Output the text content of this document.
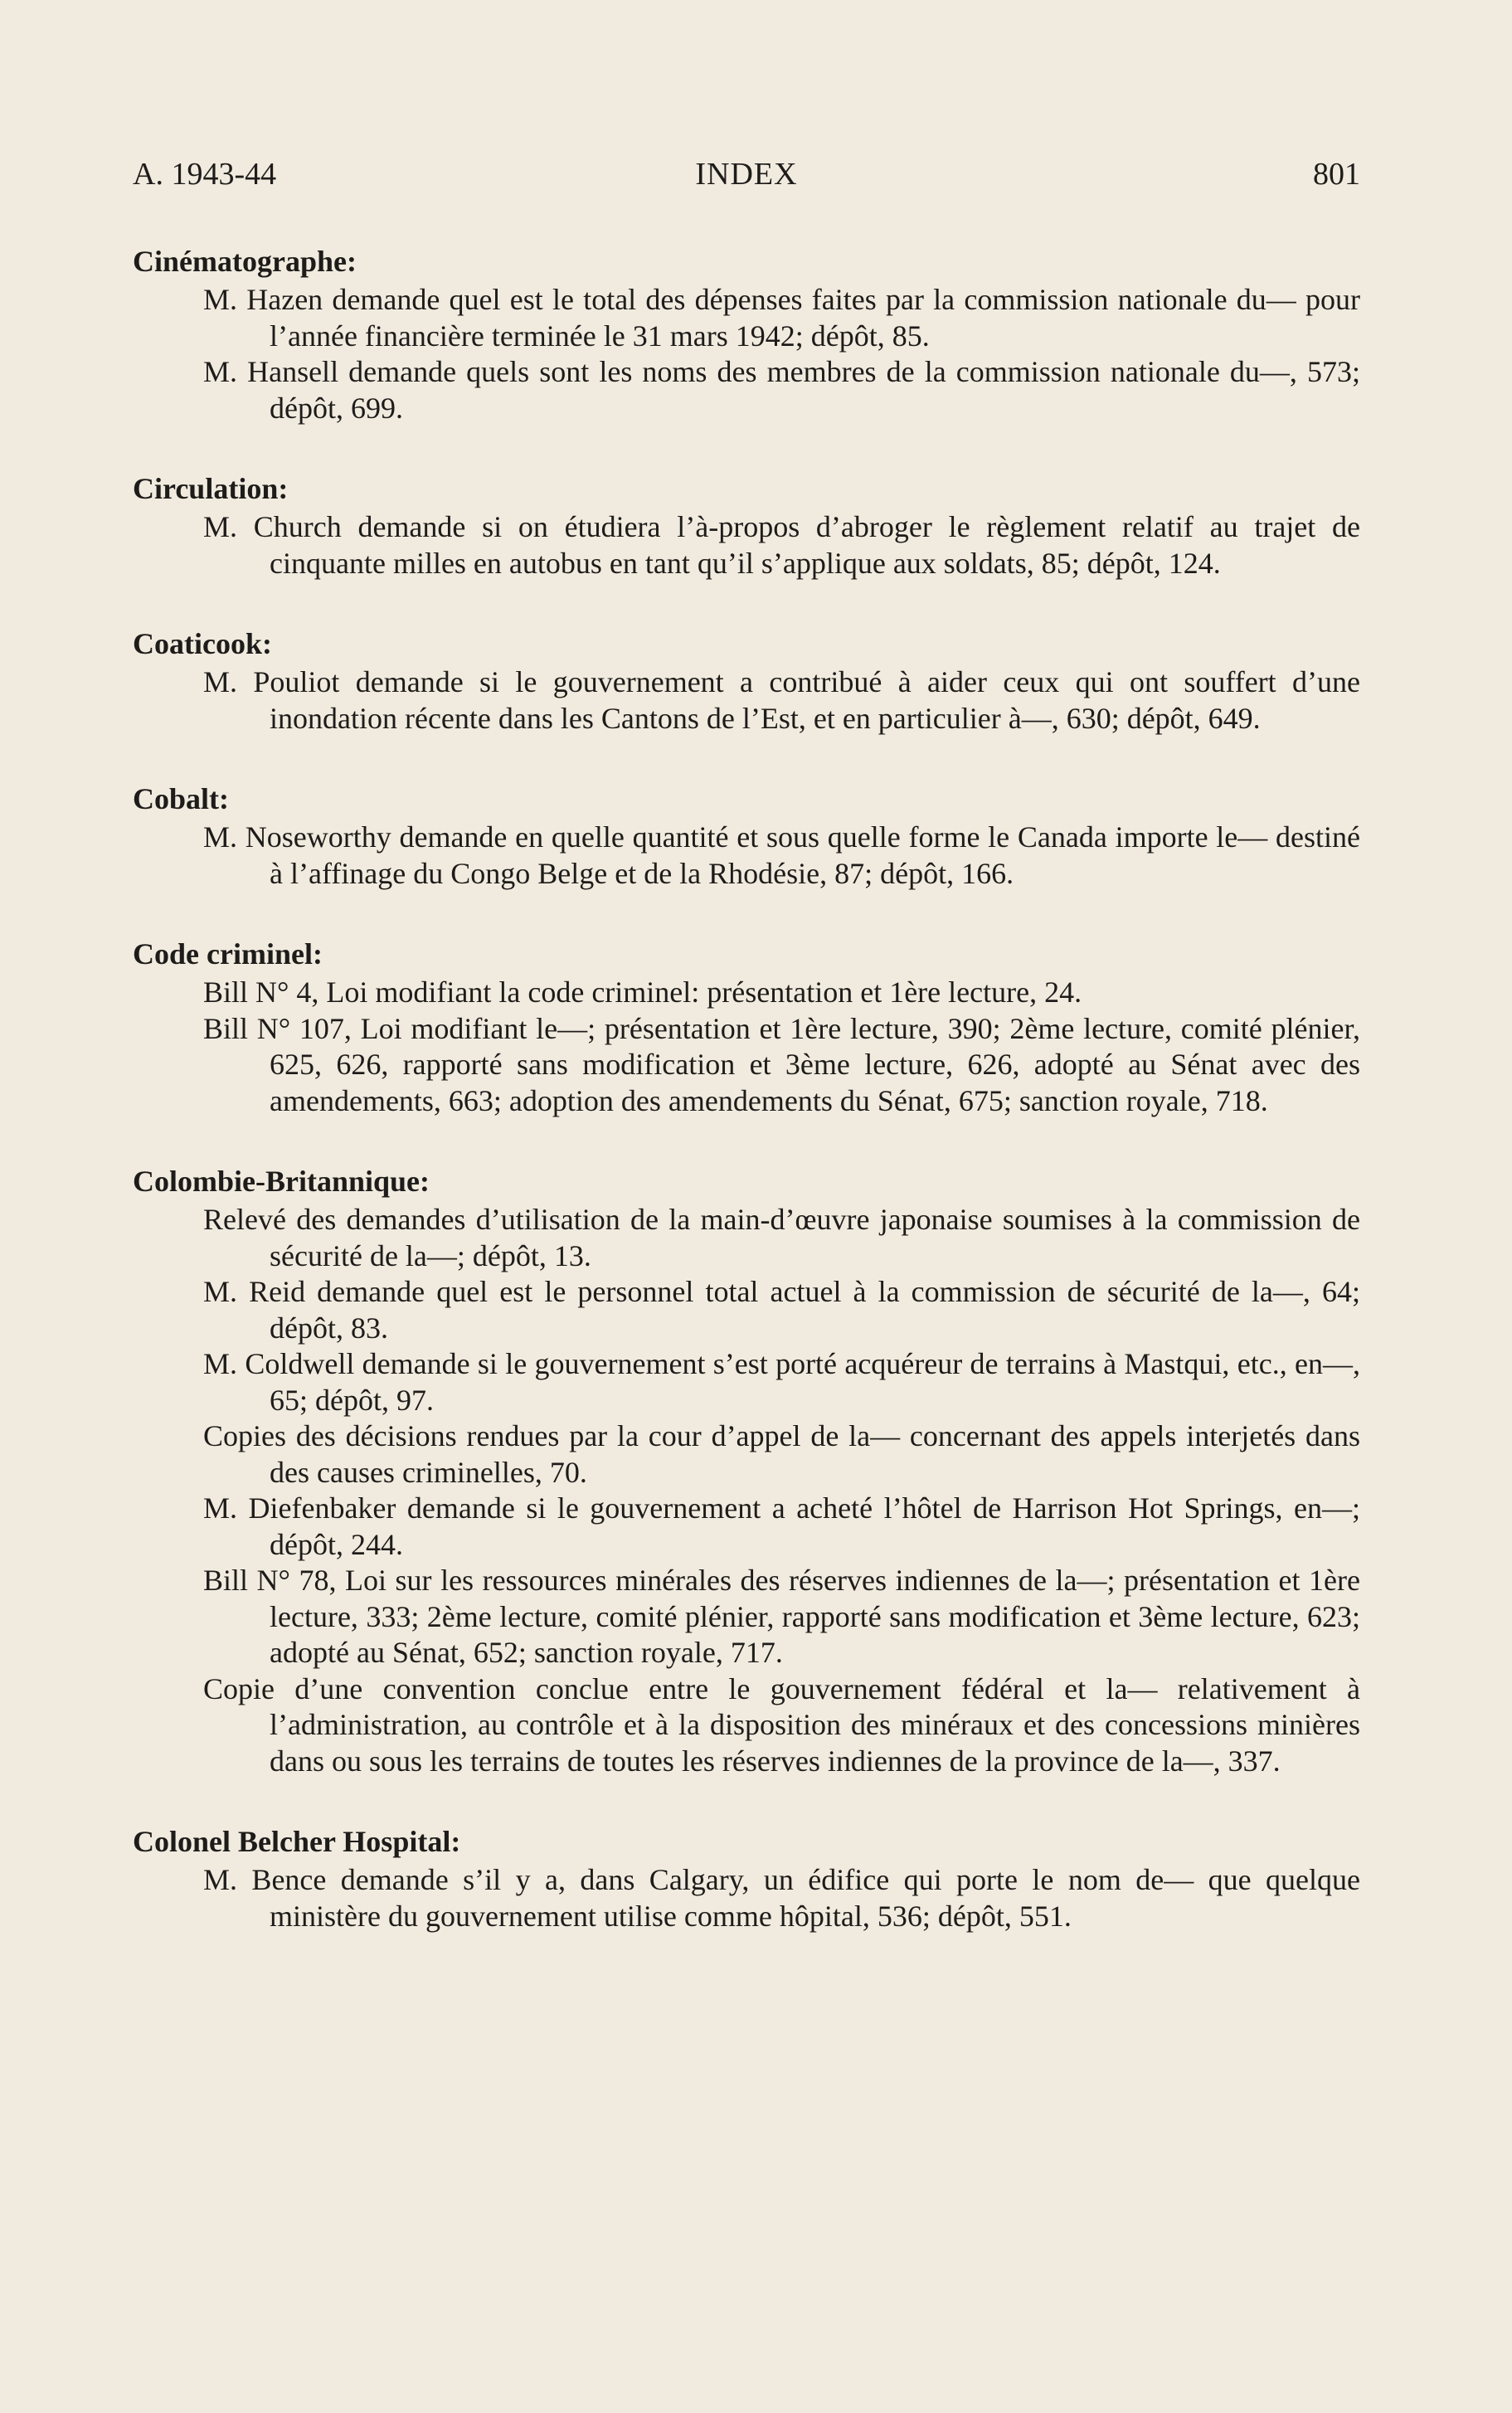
A. 1943-44	INDEX	801
Cinématographe:

M. Hazen demande quel est le total des dépenses faites par la commission nationale du— pour l’année financière terminée le 31 mars 1942; dépôt, 85.

M. Hansell demande quels sont les noms des membres de la commission nationale du—, 573; dépôt, 699.

Circulation:

M. Church demande si on étudiera l’à-propos d’abroger le règlement relatif au trajet de cinquante milles en autobus en tant qu’il s’applique aux soldats, 85; dépôt, 124.

Coaticook:

M. Pouliot demande si le gouvernement a contribué à aider ceux qui ont souffert d’une inondation récente dans les Cantons de l’Est, et en particulier à—, 630; dépôt, 649.

Cobalt:

M. Noseworthy demande en quelle quantité et sous quelle forme le Canada importe le— destiné à l’affinage du Congo Belge et de la Rhodésie, 87; dépôt, 166.

Code criminel:

Bill N° 4, Loi modifiant la code criminel: présentation et 1ère lecture, 24.

Bill N° 107, Loi modifiant le—; présentation et 1ère lecture, 390; 2ème lecture, comité plénier, 625, 626, rapporté sans modification et 3ème lecture, 626, adopté au Sénat avec des amendements, 663; adoption des amendements du Sénat, 675; sanction royale, 718.

Colombie-Britannique:

Relevé des demandes d’utilisation de la main-d’œuvre japonaise soumises à la commission de sécurité de la—; dépôt, 13.

M. Reid demande quel est le personnel total actuel à la commission de sécurité de la—, 64; dépôt, 83.

M. Coldwell demande si le gouvernement s’est porté acquéreur de terrains à Mastqui, etc., en—, 65; dépôt, 97.

Copies des décisions rendues par la cour d’appel de la— concernant des appels interjetés dans des causes criminelles, 70.

M. Diefenbaker demande si le gouvernement a acheté l’hôtel de Harrison Hot Springs, en—; dépôt, 244.

Bill N° 78, Loi sur les ressources minérales des réserves indiennes de la—; présentation et 1ère lecture, 333; 2ème lecture, comité plénier, rapporté sans modification et 3ème lecture, 623; adopté au Sénat, 652; sanction royale, 717.

Copie d’une convention conclue entre le gouvernement fédéral et la— relativement à l’administration, au contrôle et à la disposition des minéraux et des concessions minières dans ou sous les terrains de toutes les réserves indiennes de la province de la—, 337.

Colonel Belcher Hospital:

M. Bence demande s’il y a, dans Calgary, un édifice qui porte le nom de— que quelque ministère du gouvernement utilise comme hôpital, 536; dépôt, 551.
